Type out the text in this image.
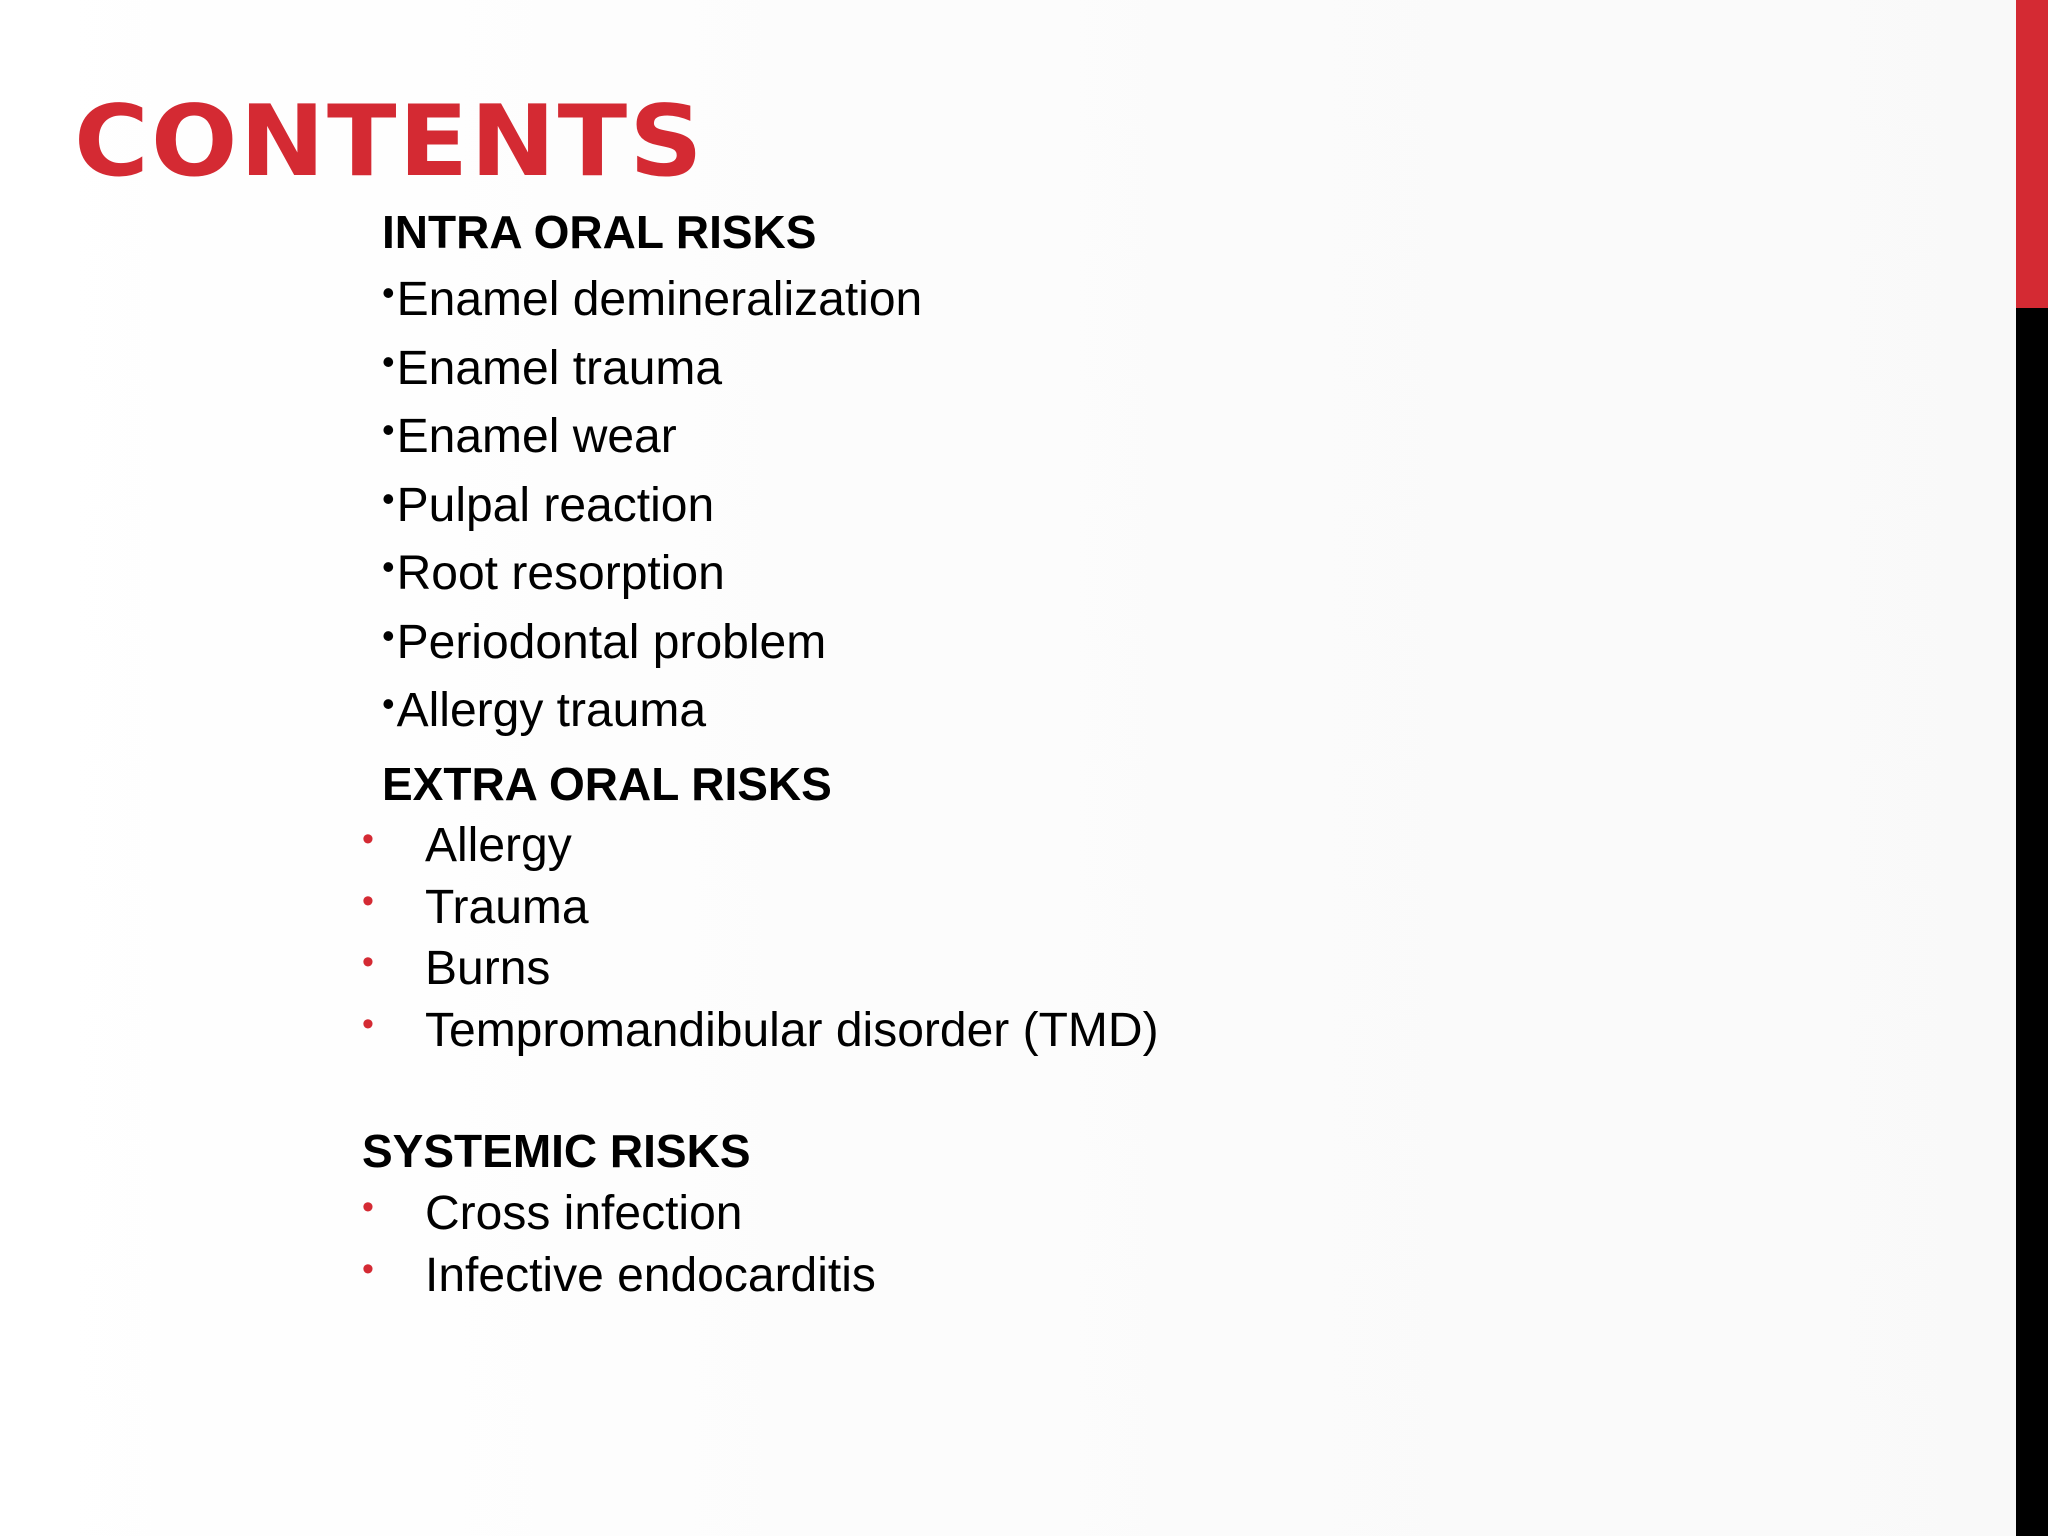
CONTENTS
INTRA ORAL RISKS
•Enamel demineralization
•Enamel trauma
•Enamel wear
•Pulpal reaction
•Root resorption
•Periodontal problem
•Allergy trauma
EXTRA ORAL RISKS
• Allergy
• Trauma
• Burns
• Tempromandibular disorder (TMD)
SYSTEMIC RISKS
• Cross infection
• Infective endocarditis
